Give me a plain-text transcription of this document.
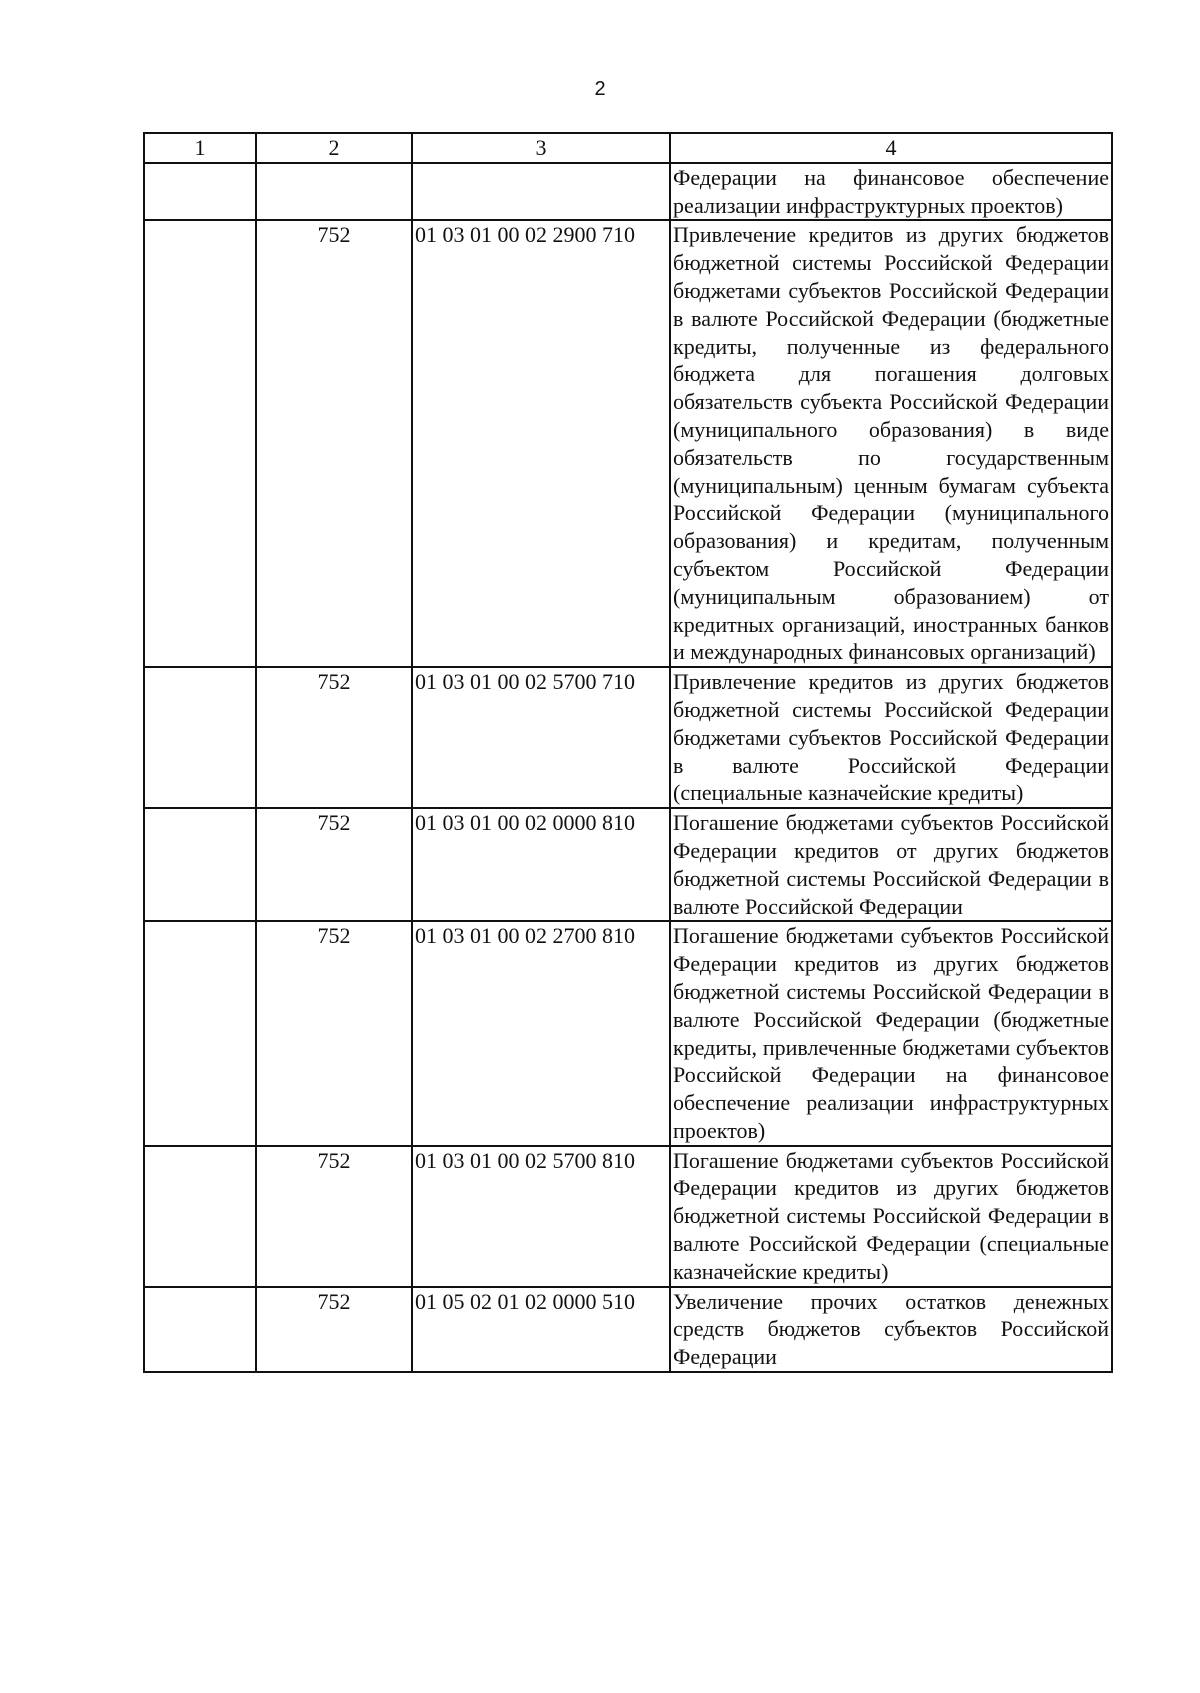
2
1	2	3	4
			Федерации на финансовое обеспечение реализации инфраструктурных проектов)
	752	01 03 01 00 02 2900 710	Привлечение кредитов из других бюджетов бюджетной системы Российской Федерации бюджетами субъектов Российской Федерации в валюте Российской Федерации (бюджетные кредиты, полученные из федерального бюджета для погашения долговых обязательств субъекта Российской Федерации (муниципального образования) в виде обязательств по государственным (муниципальным) ценным бумагам субъекта Российской Федерации (муниципального образования) и кредитам, полученным субъектом Российской Федерации (муниципальным образованием) от кредитных организаций, иностранных банков и международных финансовых организаций)
	752	01 03 01 00 02 5700 710	Привлечение кредитов из других бюджетов бюджетной системы Российской Федерации бюджетами субъектов Российской Федерации в валюте Российской Федерации (специальные казначейские кредиты)
	752	01 03 01 00 02 0000 810	Погашение бюджетами субъектов Российской Федерации кредитов от других бюджетов бюджетной системы Российской Федерации в валюте Российской Федерации
	752	01 03 01 00 02 2700 810	Погашение бюджетами субъектов Российской Федерации кредитов из других бюджетов бюджетной системы Российской Федерации в валюте Российской Федерации (бюджетные кредиты, привлеченные бюджетами субъектов Российской Федерации на финансовое обеспечение реализации инфраструктурных проектов)
	752	01 03 01 00 02 5700 810	Погашение бюджетами субъектов Российской Федерации кредитов из других бюджетов бюджетной системы Российской Федерации в валюте Российской Федерации (специальные казначейские кредиты)
	752	01 05 02 01 02 0000 510	Увеличение прочих остатков денежных средств бюджетов субъектов Российской Федерации
